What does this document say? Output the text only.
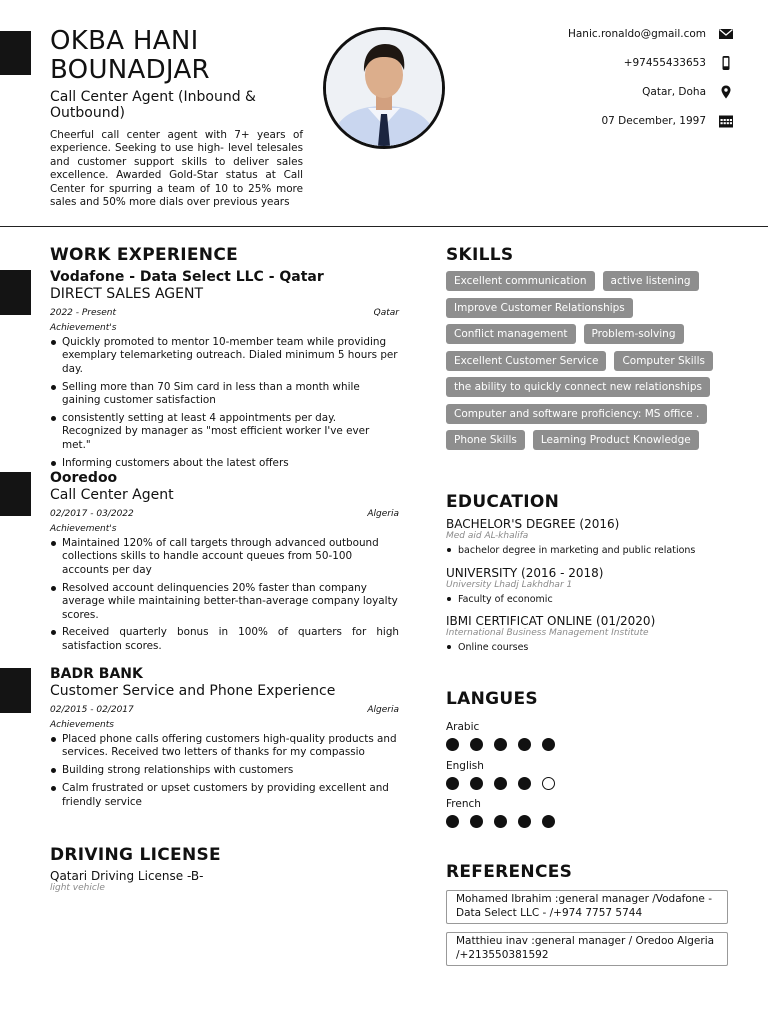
OKBA HANI
BOUNADJAR
Call Center Agent (Inbound & Outbound)
Cheerful call center agent with 7+ years of experience. Seeking to use high- level telesales and customer support skills to deliver sales excellence. Awarded Gold-Star status at Call Center for spurring a team of 10 to 25% more sales and 50% more dials over previous years
Hanic.ronaldo@gmail.com
+97455433653
Qatar, Doha
07 December, 1997
WORK EXPERIENCE
Vodafone - Data Select LLC - Qatar
DIRECT SALES AGENT
2022 - Present	Qatar
Achievement's
Quickly promoted to mentor 10-member team while providing exemplary telemarketing outreach. Dialed minimum 5 hours per day.
Selling more than 70 Sim card in less than a month while gaining customer satisfaction
consistently setting at least 4 appointments per day. Recognized by manager as "most efficient worker I've ever met."
Informing customers about the latest offers
Ooredoo
Call Center Agent
02/2017 - 03/2022	Algeria
Achievement's
Maintained 120% of call targets through advanced outbound collections skills to handle account queues from 50-100 accounts per day
Resolved account delinquencies 20% faster than company average while maintaining better-than-average company loyalty scores.
Received quarterly bonus in 100% of quarters for high satisfaction scores.
BADR BANK
Customer Service and Phone Experience
02/2015 - 02/2017	Algeria
Achievements
Placed phone calls offering customers high-quality products and services. Received two letters of thanks for my compassio
Building strong relationships with customers
Calm frustrated or upset customers by providing excellent and friendly service
DRIVING LICENSE
Qatari Driving License -B-
light vehicle
SKILLS
Excellent communication	active listening
Improve Customer Relationships
Conflict management	Problem-solving
Excellent Customer Service	Computer Skills
the ability to quickly connect new relationships
Computer and software proficiency: MS office .
Phone Skills	Learning Product Knowledge
EDUCATION
BACHELOR'S DEGREE (2016)
Med aid AL-khalifa
bachelor degree in marketing and public relations
UNIVERSITY (2016 - 2018)
University Lhadj Lakhdhar 1
Faculty of economic
IBMI CERTIFICAT ONLINE (01/2020)
International Business Management Institute
Online courses
LANGUES
Arabic
English
French
REFERENCES
Mohamed Ibrahim :general manager /Vodafone - Data Select LLC - /+974 7757 5744
Matthieu inav :general manager / Oredoo Algeria /+213550381592
